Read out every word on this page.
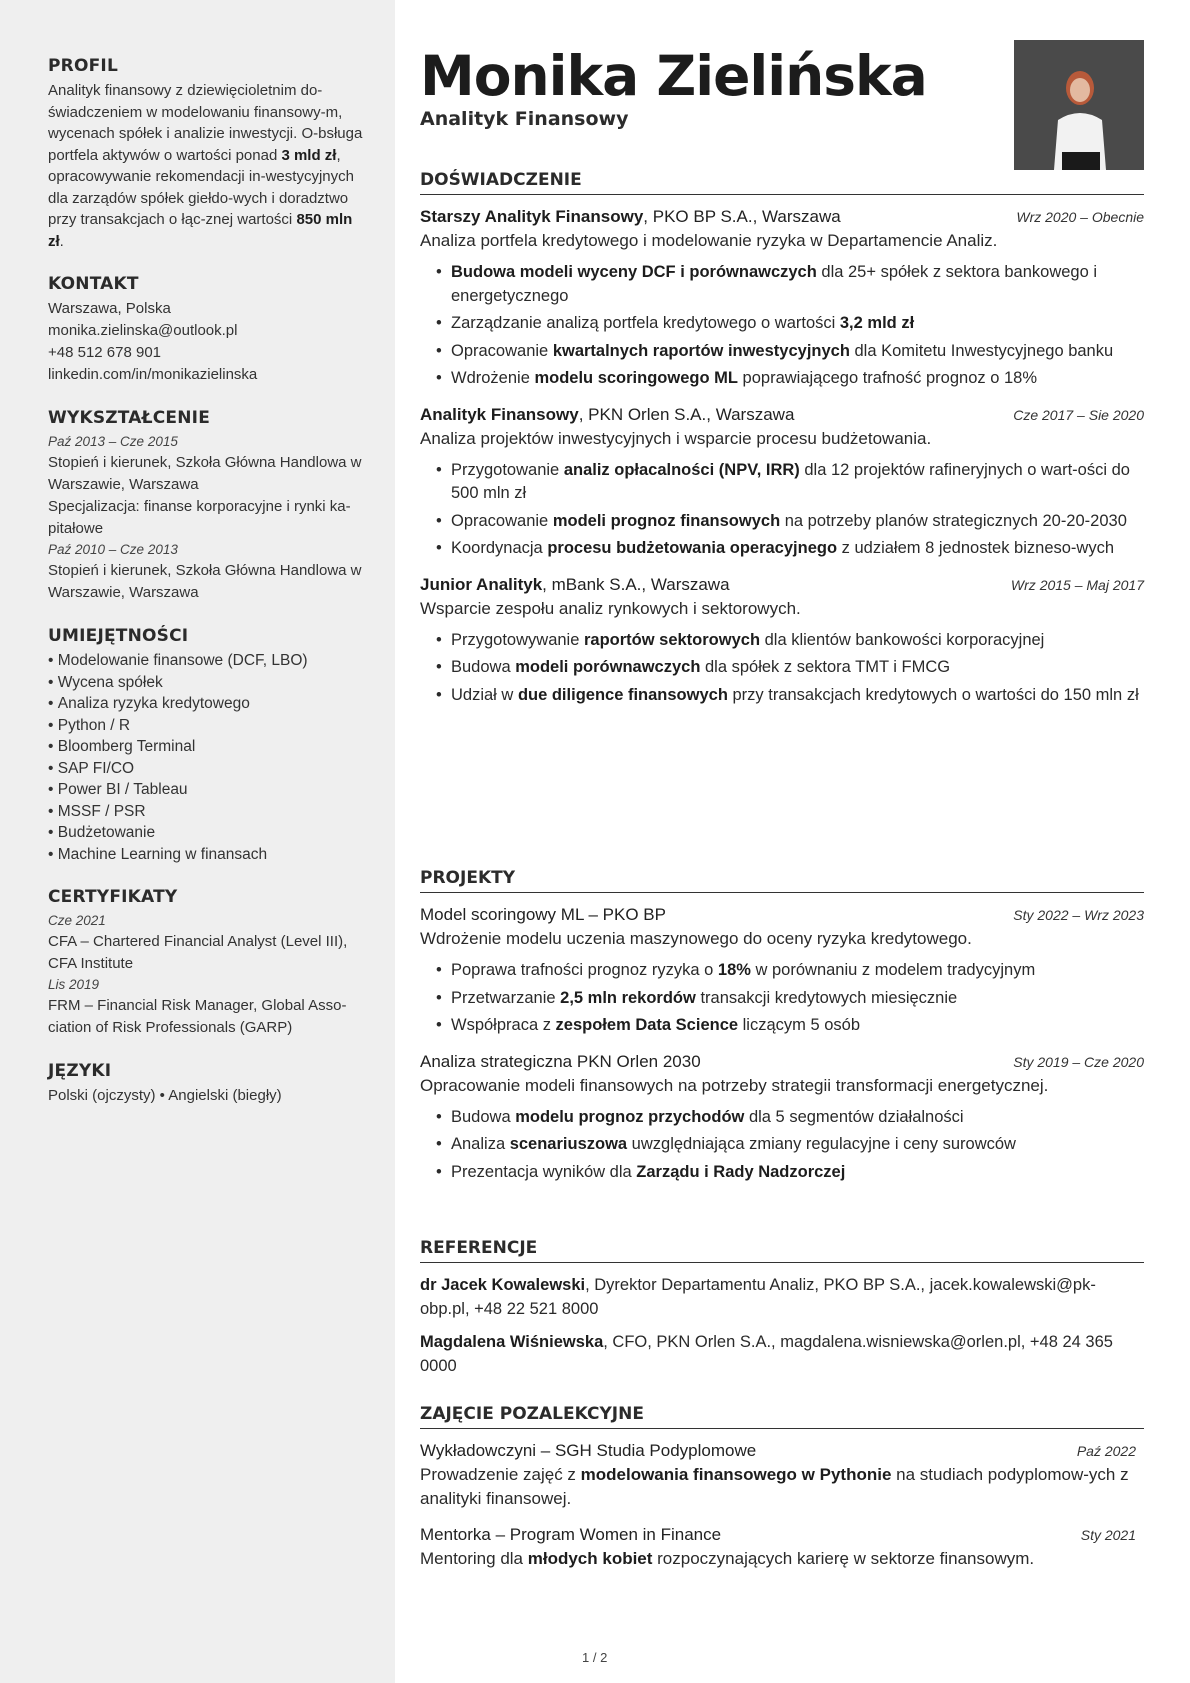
PROFIL
Analityk finansowy z dziewięcioletnim do-świadczeniem w modelowaniu finansowy-m, wycenach spółek i analizie inwestycji. O-bsługa portfela aktywów o wartości ponad 3 mld zł, opracowywanie rekomendacji in-westycyjnych dla zarządów spółek giełdo-wych i doradztwo przy transakcjach o łąc-znej wartości 850 mln zł.
KONTAKT
Warszawa, Polska
monika.zielinska@outlook.pl
+48 512 678 901
linkedin.com/in/monikazielinska
WYKSZTAŁCENIE
Paź 2013 – Cze 2015
Stopień i kierunek, Szkoła Główna Handlowa w Warszawie, Warszawa
Specjalizacja: finanse korporacyjne i rynki ka-pitałowe
Paź 2010 – Cze 2013
Stopień i kierunek, Szkoła Główna Handlowa w Warszawie, Warszawa
UMIEJĘTNOŚCI
• Modelowanie finansowe (DCF, LBO)
• Wycena spółek
• Analiza ryzyka kredytowego
• Python / R
• Bloomberg Terminal
• SAP FI/CO
• Power BI / Tableau
• MSSF / PSR
• Budżetowanie
• Machine Learning w finansach
CERTYFIKATY
Cze 2021
CFA – Chartered Financial Analyst (Level III), CFA Institute
Lis 2019
FRM – Financial Risk Manager, Global Asso-ciation of Risk Professionals (GARP)
JĘZYKI
Polski (ojczysty) • Angielski (biegły)
Monika Zielińska
Analityk Finansowy
DOŚWIADCZENIE
Starszy Analityk Finansowy, PKO BP S.A., Warszawa	Wrz 2020 – Obecnie
Analiza portfela kredytowego i modelowanie ryzyka w Departamencie Analiz.
• Budowa modeli wyceny DCF i porównawczych dla 25+ spółek z sektora bankowego i energetycznego
• Zarządzanie analizą portfela kredytowego o wartości 3,2 mld zł
• Opracowanie kwartalnych raportów inwestycyjnych dla Komitetu Inwestycyjnego banku
• Wdrożenie modelu scoringowego ML poprawiającego trafność prognoz o 18%
Analityk Finansowy, PKN Orlen S.A., Warszawa	Cze 2017 – Sie 2020
Analiza projektów inwestycyjnych i wsparcie procesu budżetowania.
• Przygotowanie analiz opłacalności (NPV, IRR) dla 12 projektów rafineryjnych o wart-ości do 500 mln zł
• Opracowanie modeli prognoz finansowych na potrzeby planów strategicznych 20-20-2030
• Koordynacja procesu budżetowania operacyjnego z udziałem 8 jednostek bizneso-wych
Junior Analityk, mBank S.A., Warszawa	Wrz 2015 – Maj 2017
Wsparcie zespołu analiz rynkowych i sektorowych.
• Przygotowywanie raportów sektorowych dla klientów bankowości korporacyjnej
• Budowa modeli porównawczych dla spółek z sektora TMT i FMCG
• Udział w due diligence finansowych przy transakcjach kredytowych o wartości do 150 mln zł
PROJEKTY
Model scoringowy ML – PKO BP	Sty 2022 – Wrz 2023
Wdrożenie modelu uczenia maszynowego do oceny ryzyka kredytowego.
• Poprawa trafności prognoz ryzyka o 18% w porównaniu z modelem tradycyjnym
• Przetwarzanie 2,5 mln rekordów transakcji kredytowych miesięcznie
• Współpraca z zespołem Data Science liczącym 5 osób
Analiza strategiczna PKN Orlen 2030	Sty 2019 – Cze 2020
Opracowanie modeli finansowych na potrzeby strategii transformacji energetycznej.
• Budowa modelu prognoz przychodów dla 5 segmentów działalności
• Analiza scenariuszowa uwzględniająca zmiany regulacyjne i ceny surowców
• Prezentacja wyników dla Zarządu i Rady Nadzorczej
REFERENCJE
dr Jacek Kowalewski, Dyrektor Departamentu Analiz, PKO BP S.A., jacek.kowalewski@pk-obp.pl, +48 22 521 8000
Magdalena Wiśniewska, CFO, PKN Orlen S.A., magdalena.wisniewska@orlen.pl, +48 24 365 0000
ZAJĘCIE POZALEKCYJNE
Wykładowczyni – SGH Studia Podyplomowe	Paź 2022
Prowadzenie zajęć z modelowania finansowego w Pythonie na studiach podyplomow-ych z analityki finansowej.
Mentorka – Program Women in Finance	Sty 2021
Mentoring dla młodych kobiet rozpoczynających karierę w sektorze finansowym.
1 / 2
